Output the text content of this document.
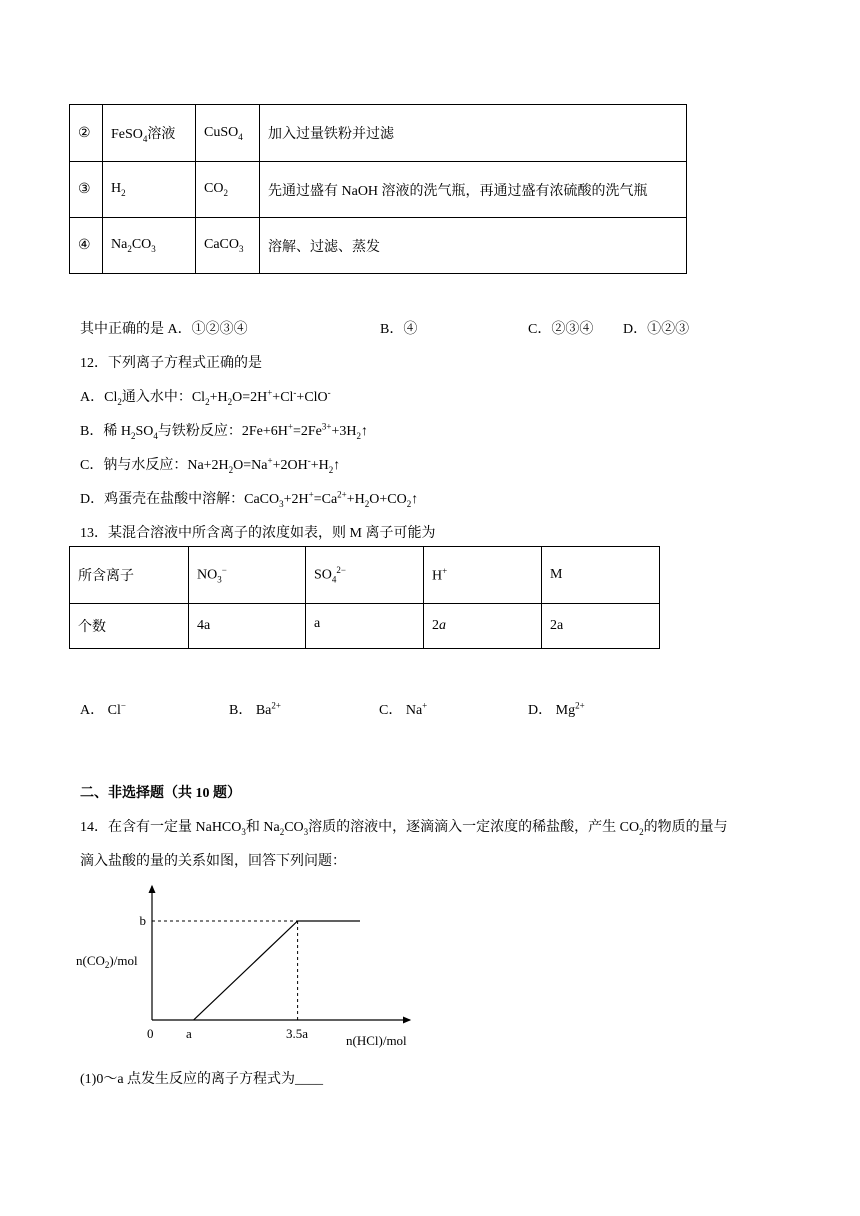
②	FeSO$_4$溶液	CuSO$_4$	加入过量铁粉并过滤
③	$H_2$	$CO_2$	先通过盛有 NaOH 溶液的洗气瓶，再通过盛有浓硫酸的洗气瓶
④	$Na_2CO_3$	CaCO$_3$	溶解、过滤、蒸发
其中正确的是 A．①②③④	B．④	C．②③④ D．①②③
12．下列离子方程式正确的是
A．$Cl_2$通入水中：$Cl_2+H_2O=2H^++Cl^-+ClO^-$
B．稀 $H_2SO_4$与铁粉反应：$2Fe+6H^+=2Fe^{3+}+3H_2↑$
C．钠与水反应：$Na+2H_2O=Na^++2OH^-+H_2↑$
D．鸡蛋壳在盐酸中溶解：$CaCO_3+2H^+=Ca^{2+}+H_2O+CO_2↑$
13．某混合溶液中所含离子的浓度如表，则 M 离子可能为
所含离子	$NO_3^-$	$SO_4^{2-}$	H+	M
个数	4a	a	2a	2a
A． Cl−	B． $Ba^{2+}$	C． Na+	D． $Mg^{2+}$
二、非选择题（共 10 题）
14．在含有一定量 NaHCO$_3$和 $Na_2CO_3$溶质的溶液中，逐滴滴入一定浓度的稀盐酸，产生 $CO_2$的物质的量与
滴入盐酸的量的关系如图，回答下列问题：
b
$n(CO_2)$/mol
0	a	3.5a	n(HCl)/mol
(1)0～a 点发生反应的离子方程式为____
